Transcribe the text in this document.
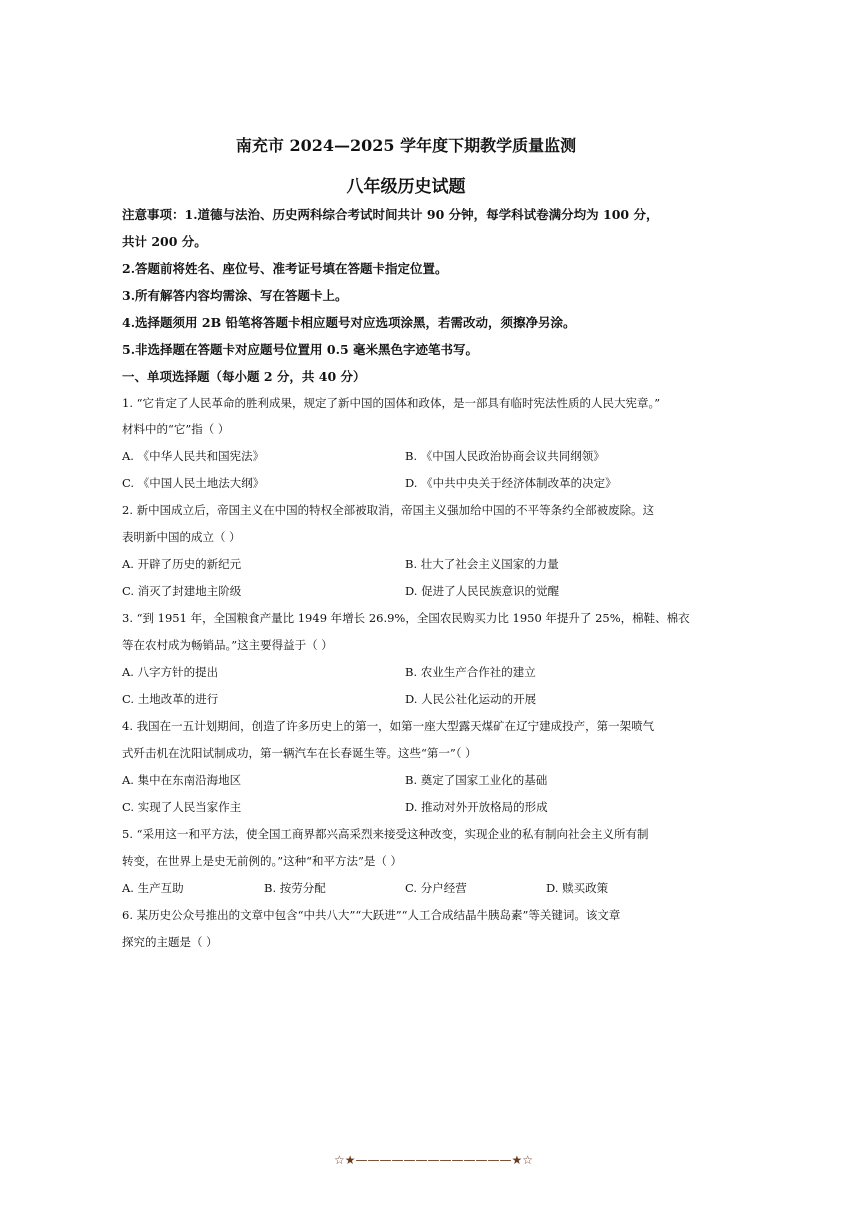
南充市 2024—2025 学年度下期教学质量监测
八年级历史试题
注意事项：1.道德与法治、历史两科综合考试时间共计 90 分钟，每学科试卷满分均为 100 分，
共计 200 分。
2.答题前将姓名、座位号、准考证号填在答题卡指定位置。
3.所有解答内容均需涂、写在答题卡上。
4.选择题须用 2B 铅笔将答题卡相应题号对应选项涂黑，若需改动，须擦净另涂。
5.非选择题在答题卡对应题号位置用 0.5 毫米黑色字迹笔书写。
一、单项选择题（每小题 2 分，共 40 分）
1. “它肯定了人民革命的胜利成果，规定了新中国的国体和政体，是一部具有临时宪法性质的人民大宪章。”
材料中的“它”指（ ）
A. 《中华人民共和国宪法》	B. 《中国人民政治协商会议共同纲领》
C. 《中国人民土地法大纲》	D. 《中共中央关于经济体制改革的决定》
2. 新中国成立后，帝国主义在中国的特权全部被取消，帝国主义强加给中国的不平等条约全部被废除。这
表明新中国的成立（ ）
A. 开辟了历史的新纪元	B. 壮大了社会主义国家的力量
C. 消灭了封建地主阶级	D. 促进了人民民族意识的觉醒
3. “到 1951 年，全国粮食产量比 1949 年增长 26.9%，全国农民购买力比 1950 年提升了 25%，棉鞋、棉衣
等在农村成为畅销品。”这主要得益于（ ）
A. 八字方针的提出	B. 农业生产合作社的建立
C. 土地改革的进行	D. 人民公社化运动的开展
4. 我国在一五计划期间，创造了许多历史上的第一，如第一座大型露天煤矿在辽宁建成投产，第一架喷气
式歼击机在沈阳试制成功，第一辆汽车在长春诞生等。这些“第一”（ ）
A. 集中在东南沿海地区	B. 奠定了国家工业化的基础
C. 实现了人民当家作主	D. 推动对外开放格局的形成
5. “采用这一和平方法，使全国工商界都兴高采烈来接受这种改变，实现企业的私有制向社会主义所有制
转变，在世界上是史无前例的。”这种“和平方法”是（ ）
A. 生产互助	B. 按劳分配	C. 分户经营	D. 赎买政策
6. 某历史公众号推出的文章中包含“中共八大”“大跃进”“人工合成结晶牛胰岛素”等关键词。该文章
探究的主题是（ ）
☆★—————————————★☆
